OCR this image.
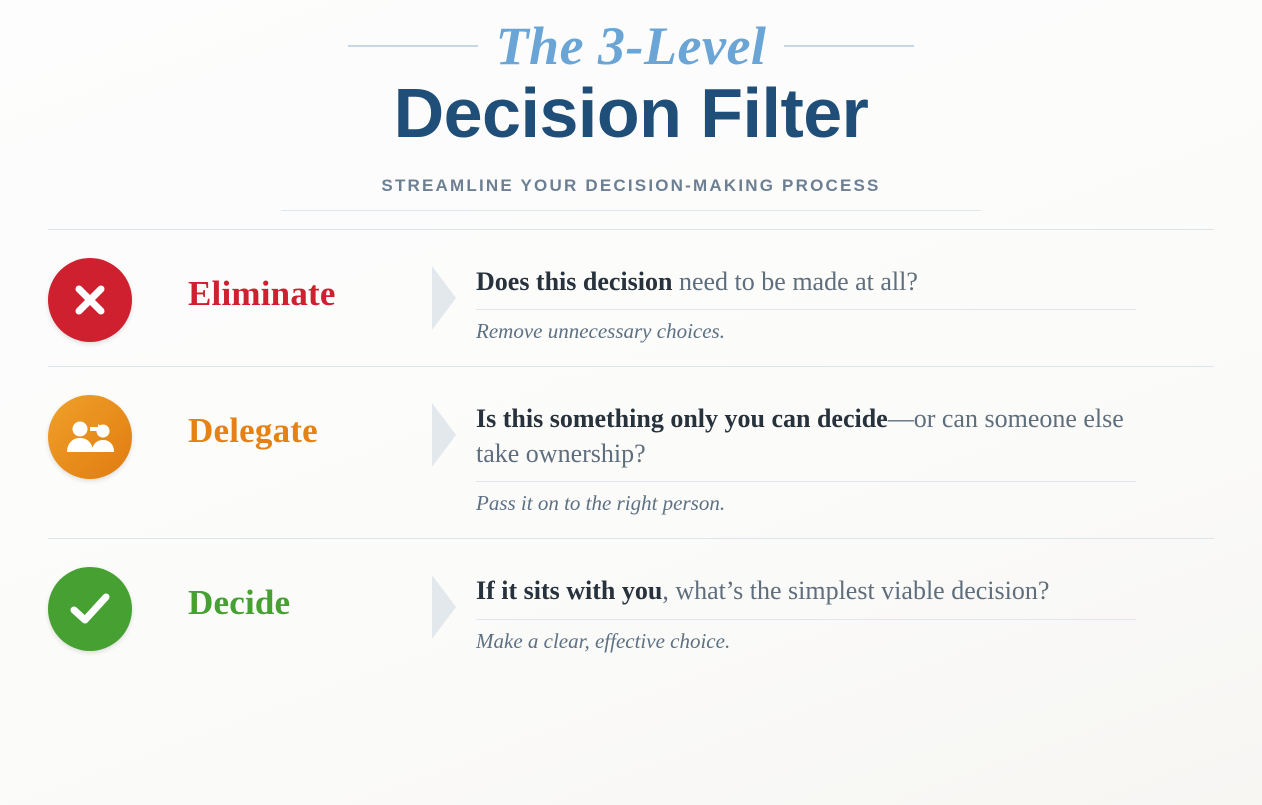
The 3-Level
Decision Filter
STREAMLINE YOUR DECISION-MAKING PROCESS
Eliminate	Does this decision need to be made at all?
Remove unnecessary choices.
Delegate	Is this something only you can decide—or can someone else take ownership?
Pass it on to the right person.
Decide	If it sits with you, what’s the simplest viable decision?
Make a clear, effective choice.
